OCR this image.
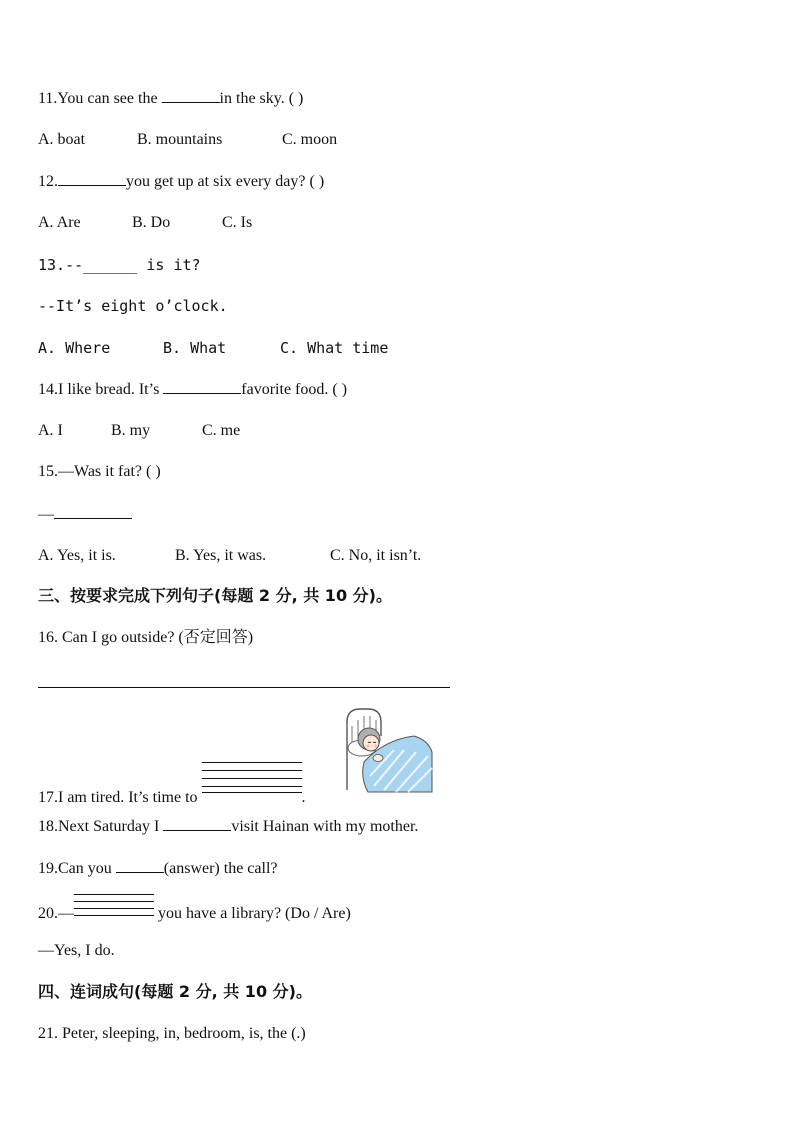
11.You can see the	in the sky. ( )
A. boat	B. mountains	C. moon
12.	you get up at six every day? ( )
A. Are	B. Do	C. Is
13.--______ is it?
--It’s eight o’clock.
A. Where	B. What	C. What time
14.I like bread. It’s	favorite food. ( )
A. I	B. my	C. me
15.—Was it fat? ( )
—
A. Yes, it is.	B. Yes, it was.	C. No, it isn’t.
三、按要求完成下列句子(每题 2 分, 共 10 分)。
16. Can I go outside? (否定回答)
17.I am tired. It’s time to	.
18.Next Saturday I	visit Hainan with my mother.
19.Can you	(answer) the call?
20.—	you have a library? (Do / Are)
—Yes, I do.
四、连词成句(每题 2 分, 共 10 分)。
21. Peter, sleeping, in, bedroom, is, the (.)
